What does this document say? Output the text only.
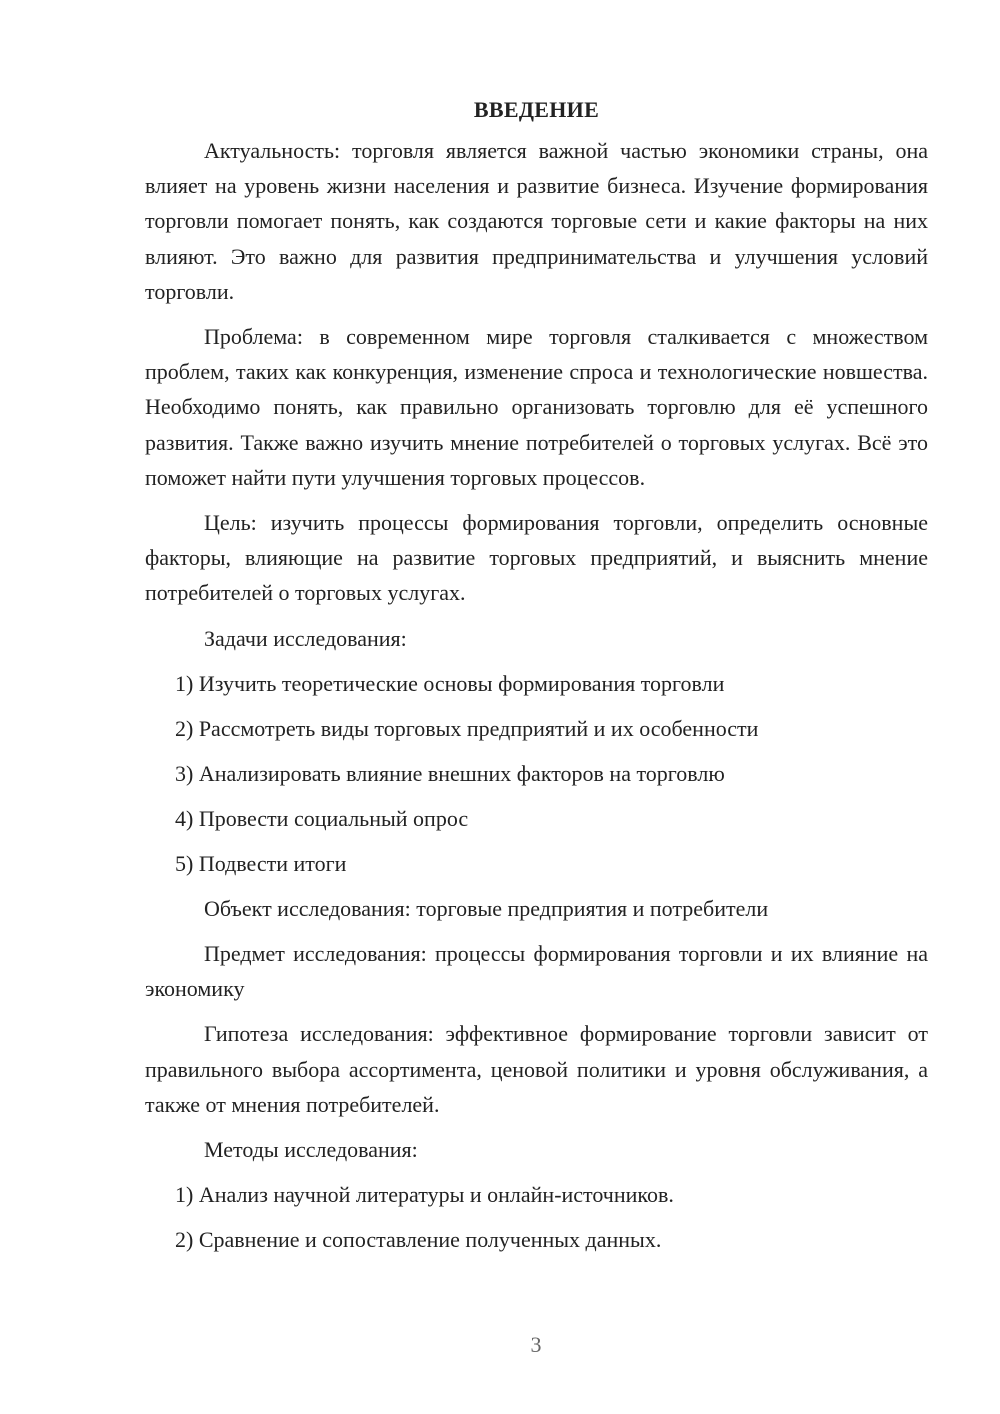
ВВЕДЕНИЕ

Актуальность: торговля является важной частью экономики страны, она влияет на уровень жизни населения и развитие бизнеса. Изучение формирования торговли помогает понять, как создаются торговые сети и какие факторы на них влияют. Это важно для развития предпринимательства и улучшения условий торговли.

Проблема: в современном мире торговля сталкивается с множеством проблем, таких как конкуренция, изменение спроса и технологические новшества. Необходимо понять, как правильно организовать торговлю для её успешного развития. Также важно изучить мнение потребителей о торговых услугах. Всё это поможет найти пути улучшения торговых процессов.

Цель: изучить процессы формирования торговли, определить основные факторы, влияющие на развитие торговых предприятий, и выяснить мнение потребителей о торговых услугах.

Задачи исследования:

1) Изучить теоретические основы формирования торговли
2) Рассмотреть виды торговых предприятий и их особенности
3) Анализировать влияние внешних факторов на торговлю
4) Провести социальный опрос
5) Подвести итоги

Объект исследования: торговые предприятия и потребители

Предмет исследования: процессы формирования торговли и их влияние на экономику

Гипотеза исследования: эффективное формирование торговли зависит от правильного выбора ассортимента, ценовой политики и уровня обслуживания, а также от мнения потребителей.

Методы исследования:

1) Анализ научной литературы и онлайн-источников.
2) Сравнение и сопоставление полученных данных.
3
